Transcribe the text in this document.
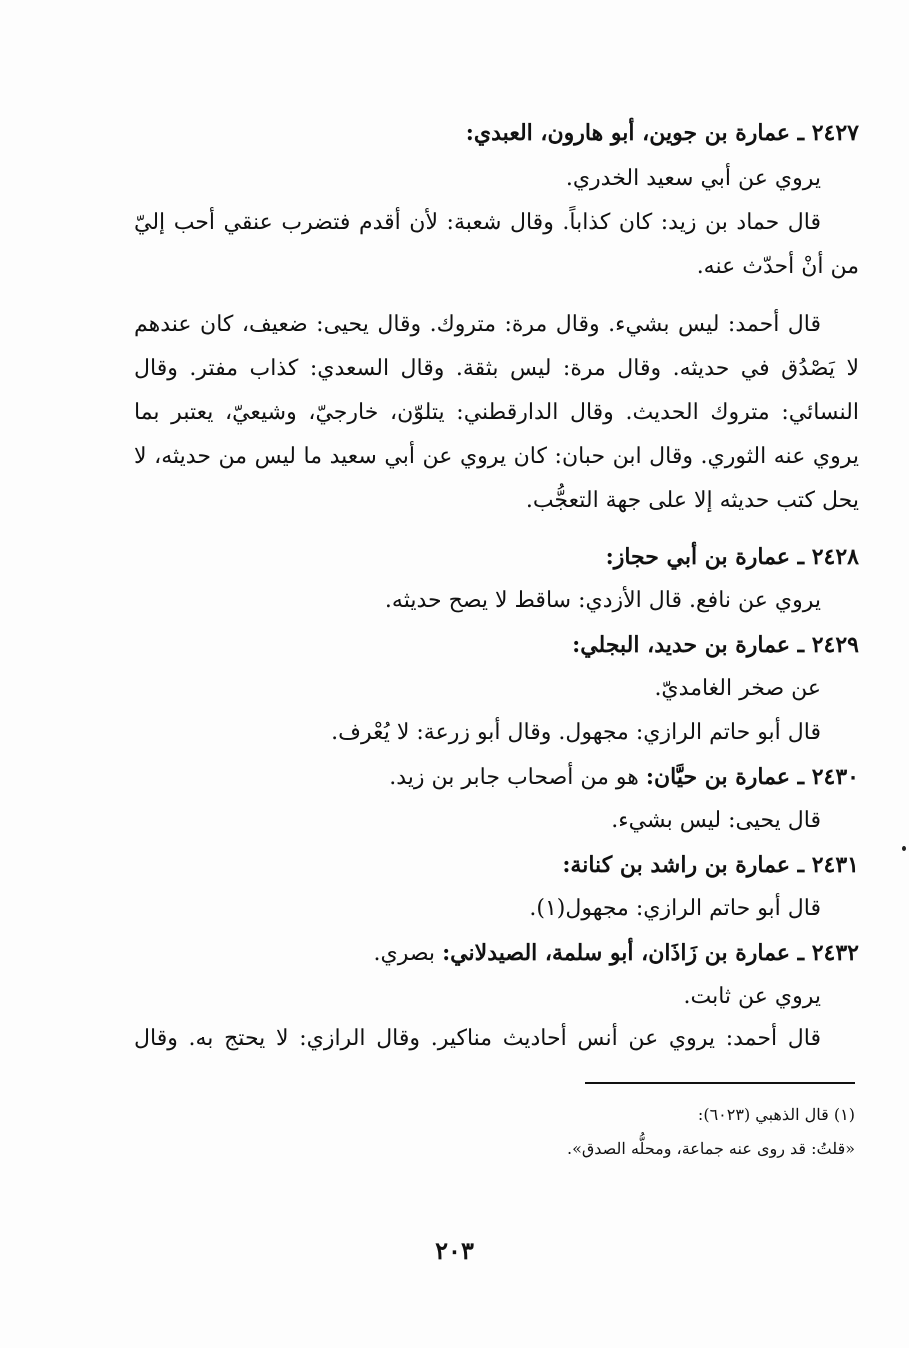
٢٤٢٧ ـ عمارة بن جوين، أبو هارون، العبدي:
يروي عن أبي سعيد الخدري.
قال حماد بن زيد: كان كذاباً. وقال شعبة: لأن أقدم فتضرب عنقي أحب إليّ
من أنْ أحدّث عنه.
قال أحمد: ليس بشيء. وقال مرة: متروك. وقال يحيى: ضعيف، كان عندهم
لا يَصْدُق في حديثه. وقال مرة: ليس بثقة. وقال السعدي: كذاب مفتر. وقال
النسائي: متروك الحديث. وقال الدارقطني: يتلوّن، خارجيّ، وشيعيّ، يعتبر بما
يروي عنه الثوري. وقال ابن حبان: كان يروي عن أبي سعيد ما ليس من حديثه، لا
يحل كتب حديثه إلا على جهة التعجُّب.
٢٤٢٨ ـ عمارة بن أبي حجاز:
يروي عن نافع. قال الأزدي: ساقط لا يصح حديثه.
٢٤٢٩ ـ عمارة بن حديد، البجلي:
عن صخر الغامديّ.
قال أبو حاتم الرازي: مجهول. وقال أبو زرعة: لا يُعْرف.
٢٤٣٠ ـ عمارة بن حيَّان: هو من أصحاب جابر بن زيد.
قال يحيى: ليس بشيء.
٢٤٣١ ـ عمارة بن راشد بن كنانة:
قال أبو حاتم الرازي: مجهول(١).
٢٤٣٢ ـ عمارة بن زَاذَان، أبو سلمة، الصيدلاني: بصري.
يروي عن ثابت.
قال أحمد: يروي عن أنس أحاديث مناكير. وقال الرازي: لا يحتج به. وقال
(١) قال الذهبي (٦٠٢٣):
«قلتُ: قد روى عنه جماعة، ومحلُّه الصدق».
٢٠٣
